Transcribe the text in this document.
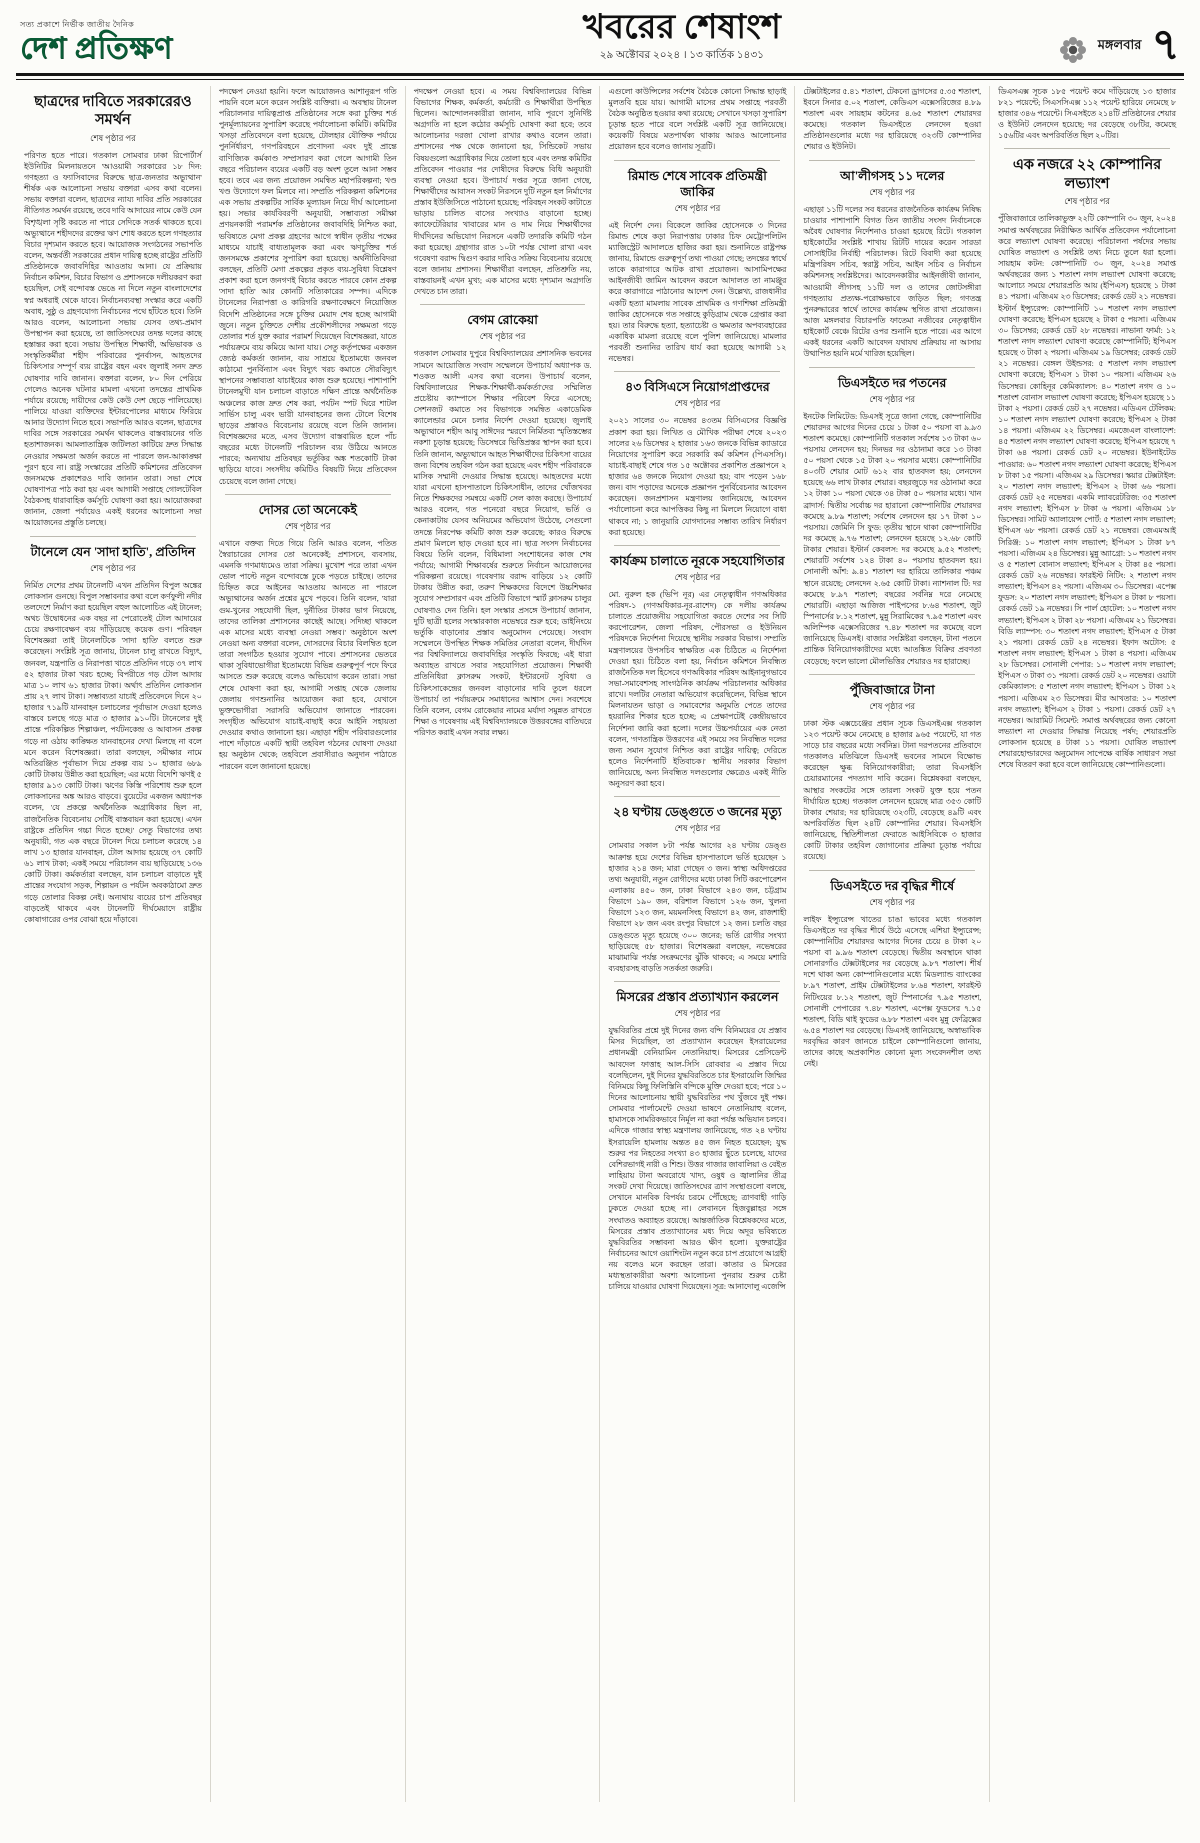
সত্য প্রকাশে নির্ভীক জাতীয় দৈনিক
দেশ প্রতিক্ষণ
খবরের শেষাংশ
২৯ অক্টোবর ২০২৪ । ১৩ কার্তিক ১৪৩১
মঙ্গলবার ৭
ছাত্রদের দাবিতে সরকারেরও সমর্থন
শেষ পৃষ্ঠার পর

পরিণত হতে পারে। গতকাল সোমবার ঢাকা রিপোর্টার্স ইউনিটির মিলনায়তনে 'আওয়ামী সরকারের ১৮ দিন: গণহত্যা ও ফ্যাসিবাদের বিরুদ্ধে ছাত্র-জনতার অভ্যুত্থান' শীর্ষক এক আলোচনা সভায় বক্তারা এসব কথা বলেন। সভায় বক্তারা বলেন, ছাত্রদের ন্যায্য দাবির প্রতি সরকারের নীতিগত সমর্থন রয়েছে, তবে দাবি আদায়ের নামে কেউ যেন বিশৃঙ্খলা সৃষ্টি করতে না পারে সেদিকে সতর্ক থাকতে হবে। অভ্যুত্থানে শহীদদের রক্তের ঋণ শোধ করতে হলে গণহত্যার বিচার দৃশ্যমান করতে হবে। আয়োজক সংগঠনের সভাপতি বলেন, অন্তর্বর্তী সরকারের প্রধান দায়িত্ব হচ্ছে রাষ্ট্রের প্রতিটি প্রতিষ্ঠানকে জবাবদিহির আওতায় আনা। যে প্রক্রিয়ায় নির্বাচন কমিশন, বিচার বিভাগ ও প্রশাসনকে দলীয়করণ করা হয়েছিল, সেই বন্দোবস্ত ভেঙে না দিলে নতুন বাংলাদেশের স্বপ্ন অধরাই থেকে যাবে। নির্বাচনব্যবস্থা সংস্কার করে একটি অবাধ, সুষ্ঠু ও গ্রহণযোগ্য নির্বাচনের পথে হাঁটতে হবে। তিনি আরও বলেন, আলোচনা সভায় যেসব তথ্য-প্রমাণ উপস্থাপন করা হয়েছে, তা জাতিসংঘের তদন্ত দলের কাছে হস্তান্তর করা হবে। সভায় উপস্থিত শিক্ষার্থী, অভিভাবক ও সংস্কৃতিকর্মীরা শহীদ পরিবারের পুনর্বাসন, আহতদের চিকিৎসার সম্পূর্ণ ব্যয় রাষ্ট্রের বহন এবং জুলাই সনদ দ্রুত ঘোষণার দাবি জানান। বক্তারা বলেন, ৮০ দিন পেরিয়ে গেলেও অনেক ঘটনার মামলা এখনো তদন্তের প্রাথমিক পর্যায়ে রয়েছে; দায়ীদের কেউ কেউ দেশ ছেড়ে পালিয়েছে। পালিয়ে যাওয়া ব্যক্তিদের ইন্টারপোলের মাধ্যমে ফিরিয়ে আনার উদ্যোগ নিতে হবে। সভাপতি আরও বলেন, ছাত্রদের দাবির সঙ্গে সরকারের সমর্থন থাকলেও বাস্তবায়নের গতি হতাশাজনক। আমলাতান্ত্রিক জটিলতা কাটিয়ে দ্রুত সিদ্ধান্ত নেওয়ার সক্ষমতা অর্জন করতে না পারলে জন-আকাঙ্ক্ষা পূরণ হবে না। রাষ্ট্র সংস্কারের প্রতিটি কমিশনের প্রতিবেদন জনসমক্ষে প্রকাশেরও দাবি জানান তারা। সভা শেষে ঘোষণাপত্র পাঠ করা হয় এবং আগামী সপ্তাহে গোলটেবিল বৈঠকসহ ধারাবাহিক কর্মসূচি ঘোষণা করা হয়। আয়োজকরা জানান, জেলা পর্যায়েও একই ধরনের আলোচনা সভা আয়োজনের প্রস্তুতি চলছে।

টানেলে যেন 'সাদা হাতি', প্রতিদিন
শেষ পৃষ্ঠার পর

নির্মিত দেশের প্রথম টানেলটি এখন প্রতিদিন বিপুল অঙ্কের লোকসান গুনছে। বিপুল সম্ভাবনার কথা বলে কর্ণফুলী নদীর তলদেশে নির্মাণ করা হয়েছিল বহুল আলোচিত এই টানেল; অথচ উদ্বোধনের এক বছর না পেরোতেই টোল আদায়ের চেয়ে রক্ষণাবেক্ষণ ব্যয় দাঁড়িয়েছে কয়েক গুণ। পরিবহন বিশেষজ্ঞরা তাই টানেলটিকে 'সাদা হাতি' বলতে শুরু করেছেন। সংশ্লিষ্ট সূত্র জানায়, টানেল চালু রাখতে বিদ্যুৎ, জনবল, যন্ত্রপাতি ও নিরাপত্তা খাতে প্রতিদিন গড়ে ৩৭ লাখ ৫২ হাজার টাকা খরচ হচ্ছে; বিপরীতে গড় টোল আদায় মাত্র ১০ লাখ ৬১ হাজার টাকা। অর্থাৎ প্রতিদিন লোকসান প্রায় ২৭ লাখ টাকা। সম্ভাব্যতা যাচাই প্রতিবেদনে দিনে ২০ হাজার ৭১৯টি যানবাহন চলাচলের পূর্বাভাস দেওয়া হলেও বাস্তবে চলছে গড়ে মাত্র ৩ হাজার ৯১০টি। টানেলের দুই প্রান্তে পরিকল্পিত শিল্পাঞ্চল, পর্যটনকেন্দ্র ও আবাসন প্রকল্প গড়ে না ওঠায় কাঙ্ক্ষিত যানবাহনের দেখা মিলছে না বলে মনে করেন বিশেষজ্ঞরা। তারা বলছেন, সমীক্ষার নামে অতিরঞ্জিত পূর্বাভাস দিয়ে প্রকল্প ব্যয় ১০ হাজার ৬৮৯ কোটি টাকায় উন্নীত করা হয়েছিল; এর মধ্যে বিদেশি ঋণই ৫ হাজার ৯১৩ কোটি টাকা। ঋণের কিস্তি পরিশোধ শুরু হলে লোকসানের অঙ্ক আরও বাড়বে। বুয়েটের একজন অধ্যাপক বলেন, 'যে প্রকল্পে অর্থনৈতিক অগ্রাধিকার ছিল না, রাজনৈতিক বিবেচনায় সেটিই বাস্তবায়ন করা হয়েছে। এখন রাষ্ট্রকে প্রতিদিন গচ্চা দিতে হচ্ছে।' সেতু বিভাগের তথ্য অনুযায়ী, গত এক বছরে টানেল দিয়ে চলাচল করেছে ১৪ লাখ ১৩ হাজার যানবাহন, টোল আদায় হয়েছে ৩৭ কোটি ৬১ লাখ টাকা; একই সময়ে পরিচালন ব্যয় ছাড়িয়েছে ১৩৬ কোটি টাকা। কর্মকর্তারা বলছেন, যান চলাচল বাড়াতে দুই প্রান্তের সংযোগ সড়ক, শিল্পায়ন ও পর্যটন অবকাঠামো দ্রুত গড়ে তোলার বিকল্প নেই। অন্যথায় ব্যয়ের চাপ প্রতিবছর বাড়তেই থাকবে এবং টানেলটি দীর্ঘমেয়াদে রাষ্ট্রীয় কোষাগারের ওপর বোঝা হয়ে দাঁড়াবে।

পদক্ষেপ নেওয়া হয়নি। ফলে আয়োজনও আশানুরূপ গতি পায়নি বলে মনে করেন সংশ্লিষ্ট ব্যক্তিরা। এ অবস্থায় টানেল পরিচালনার দায়িত্বপ্রাপ্ত প্রতিষ্ঠানের সঙ্গে করা চুক্তির শর্ত পুনর্মূল্যায়নের সুপারিশ করেছে পর্যালোচনা কমিটি। কমিটির খসড়া প্রতিবেদনে বলা হয়েছে, টোলহার যৌক্তিক পর্যায়ে পুনর্নির্ধারণ, গণপরিবহনে প্রণোদনা এবং দুই প্রান্তে বাণিজ্যিক কর্মকাণ্ড সম্প্রসারণ করা গেলে আগামী তিন বছরে পরিচালন ব্যয়ের একটি বড় অংশ তুলে আনা সম্ভব হবে। তবে এর জন্য প্রয়োজন সমন্বিত মহাপরিকল্পনা; খণ্ড খণ্ড উদ্যোগে ফল মিলবে না। সম্প্রতি পরিকল্পনা কমিশনের এক সভায় প্রকল্পটির সার্বিক মূল্যায়ন নিয়ে দীর্ঘ আলোচনা হয়। সভার কার্যবিবরণী অনুযায়ী, সম্ভাব্যতা সমীক্ষা প্রণয়নকারী পরামর্শক প্রতিষ্ঠানের জবাবদিহি নিশ্চিত করা, ভবিষ্যতে মেগা প্রকল্প গ্রহণের আগে স্বাধীন তৃতীয় পক্ষের মাধ্যমে যাচাই বাধ্যতামূলক করা এবং ঋণচুক্তির শর্ত জনসমক্ষে প্রকাশের সুপারিশ করা হয়েছে। অর্থনীতিবিদরা বলছেন, প্রতিটি মেগা প্রকল্পের প্রকৃত ব্যয়-সুবিধা বিশ্লেষণ প্রকাশ করা হলে জনগণই বিচার করতে পারবে কোন প্রকল্প 'সাদা হাতি' আর কোনটি সত্যিকারের সম্পদ। এদিকে টানেলের নিরাপত্তা ও কারিগরি রক্ষণাবেক্ষণে নিয়োজিত বিদেশি প্রতিষ্ঠানের সঙ্গে চুক্তির মেয়াদ শেষ হচ্ছে আগামী জুনে। নতুন চুক্তিতে দেশীয় প্রকৌশলীদের সক্ষমতা গড়ে তোলার শর্ত যুক্ত করার পরামর্শ দিয়েছেন বিশেষজ্ঞরা, যাতে পর্যায়ক্রমে ব্যয় কমিয়ে আনা যায়। সেতু কর্তৃপক্ষের একজন জ্যেষ্ঠ কর্মকর্তা জানান, ব্যয় সাশ্রয়ে ইতোমধ্যে জনবল কাঠামো পুনর্বিন্যাস এবং বিদ্যুৎ খরচ কমাতে সৌরবিদ্যুৎ স্থাপনের সম্ভাব্যতা যাচাইয়ের কাজ শুরু হয়েছে। পাশাপাশি টানেলমুখী যান চলাচল বাড়াতে দক্ষিণ প্রান্তে অর্থনৈতিক অঞ্চলের কাজ দ্রুত শেষ করা, পর্যটন স্পট ঘিরে শাটল সার্ভিস চালু এবং ভারী যানবাহনের জন্য টোলে বিশেষ ছাড়ের প্রস্তাবও বিবেচনায় রয়েছে বলে তিনি জানান। বিশেষজ্ঞদের মতে, এসব উদ্যোগ বাস্তবায়িত হলে পাঁচ বছরের মধ্যে টানেলটি পরিচালন ব্যয় উঠিয়ে আনতে পারবে; অন্যথায় প্রতিবছর ভর্তুকির অঙ্ক শতকোটি টাকা ছাড়িয়ে যাবে। সংসদীয় কমিটিও বিষয়টি নিয়ে প্রতিবেদন চেয়েছে বলে জানা গেছে।

দোসর তো অনেকেই
শেষ পৃষ্ঠার পর

এখানে বক্তব্য দিতে গিয়ে তিনি আরও বলেন, পতিত স্বৈরাচারের দোসর তো অনেকেই; প্রশাসনে, ব্যবসায়, এমনকি গণমাধ্যমেও তারা সক্রিয়। মুখোশ পরে তারা এখন ভোল পাল্টে নতুন বন্দোবস্তে ঢুকে পড়তে চাইছে। তাদের চিহ্নিত করে আইনের আওতায় আনতে না পারলে অভ্যুত্থানের অর্জন প্রশ্নের মুখে পড়বে। তিনি বলেন, 'যারা গুম-খুনের সহযোগী ছিল, দুর্নীতির টাকার ভাগ নিয়েছে, তাদের তালিকা প্রশাসনের কাছেই আছে। সদিচ্ছা থাকলে এক মাসের মধ্যে ব্যবস্থা নেওয়া সম্ভব।' অনুষ্ঠানে অংশ নেওয়া অন্য বক্তারা বলেন, দোসরদের বিচার বিলম্বিত হলে তারা সংগঠিত হওয়ার সুযোগ পাবে। প্রশাসনের ভেতরে থাকা সুবিধাভোগীরা ইতোমধ্যে বিভিন্ন গুরুত্বপূর্ণ পদে ফিরে আসতে শুরু করেছে বলেও অভিযোগ করেন তারা। সভা শেষে ঘোষণা করা হয়, আগামী সপ্তাহ থেকে জেলায় জেলায় গণশুনানির আয়োজন করা হবে, যেখানে ভুক্তভোগীরা সরাসরি অভিযোগ জানাতে পারবেন। সংগৃহীত অভিযোগ যাচাই-বাছাই করে আইনি সহায়তা দেওয়ার কথাও জানানো হয়। এছাড়া শহীদ পরিবারগুলোর পাশে দাঁড়াতে একটি স্থায়ী তহবিল গঠনের ঘোষণা দেওয়া হয় অনুষ্ঠান থেকে; তহবিলে প্রবাসীরাও অনুদান পাঠাতে পারবেন বলে জানানো হয়েছে।

পদক্ষেপ নেওয়া হবে। এ সময় বিশ্ববিদ্যালয়ের বিভিন্ন বিভাগের শিক্ষক, কর্মকর্তা, কর্মচারী ও শিক্ষার্থীরা উপস্থিত ছিলেন। আন্দোলনকারীরা জানান, দাবি পূরণে সুনির্দিষ্ট অগ্রগতি না হলে কঠোর কর্মসূচি ঘোষণা করা হবে; তবে আলোচনার দরজা খোলা রাখার কথাও বলেন তারা। প্রশাসনের পক্ষ থেকে জানানো হয়, সিন্ডিকেট সভায় বিষয়গুলো অগ্রাধিকার দিয়ে তোলা হবে এবং তদন্ত কমিটির প্রতিবেদন পাওয়ার পর দোষীদের বিরুদ্ধে বিধি অনুযায়ী ব্যবস্থা নেওয়া হবে। উপাচার্য দপ্তর সূত্রে জানা গেছে, শিক্ষার্থীদের আবাসন সংকট নিরসনে দুটি নতুন হল নির্মাণের প্রস্তাব ইউজিসিতে পাঠানো হয়েছে; পরিবহন সংকট কাটাতে ভাড়ায় চালিত বাসের সংখ্যাও বাড়ানো হচ্ছে। ক্যাফেটেরিয়ার খাবারের মান ও দাম নিয়ে শিক্ষার্থীদের দীর্ঘদিনের অভিযোগ নিরসনে একটি তদারকি কমিটি গঠন করা হয়েছে। গ্রন্থাগার রাত ১০টা পর্যন্ত খোলা রাখা এবং গবেষণা বরাদ্দ দ্বিগুণ করার দাবিও সক্রিয় বিবেচনায় রয়েছে বলে জানায় প্রশাসন। শিক্ষার্থীরা বলছেন, প্রতিশ্রুতি নয়, বাস্তবায়নই এখন মুখ্য; এক মাসের মধ্যে দৃশ্যমান অগ্রগতি দেখতে চান তারা।

বেগম রোকেয়া
শেষ পৃষ্ঠার পর

গতকাল সোমবার দুপুরে বিশ্ববিদ্যালয়ের প্রশাসনিক ভবনের সামনে আয়োজিত সংবাদ সম্মেলনে উপাচার্য অধ্যাপক ড. শওকত আলী এসব কথা বলেন। উপাচার্য বলেন, বিশ্ববিদ্যালয়ের শিক্ষক-'শিক্ষার্থী-কর্মকর্তা'দের সম্মিলিত প্রচেষ্টায় ক্যাম্পাসে শিক্ষার পরিবেশ ফিরে এসেছে; সেশনজট কমাতে সব বিভাগকে সমন্বিত একাডেমিক ক্যালেন্ডার মেনে চলার নির্দেশ দেওয়া হয়েছে। জুলাই অভ্যুত্থানে শহীদ আবু সাঈদের স্মরণে নির্মিতব্য স্মৃতিস্তম্ভের নকশা চূড়ান্ত হয়েছে; ডিসেম্বরে ভিত্তিপ্রস্তর স্থাপন করা হবে। তিনি জানান, অভ্যুত্থানে আহত শিক্ষার্থীদের চিকিৎসা ব্যয়ের জন্য বিশেষ তহবিল গঠন করা হয়েছে এবং শহীদ পরিবারকে মাসিক সম্মানী দেওয়ার সিদ্ধান্ত হয়েছে। আহতদের মধ্যে যারা এখনো হাসপাতালে চিকিৎসাধীন, তাদের খোঁজখবর নিতে শিক্ষকদের সমন্বয়ে একটি সেল কাজ করছে। উপাচার্য আরও বলেন, গত পনেরো বছরে নিয়োগ, ভর্তি ও কেনাকাটায় যেসব অনিয়মের অভিযোগ উঠেছে, সেগুলো তদন্তে নিরপেক্ষ কমিটি কাজ শুরু করেছে; কারও বিরুদ্ধে প্রমাণ মিললে ছাড় দেওয়া হবে না। ছাত্র সংসদ নির্বাচনের বিষয়ে তিনি বলেন, বিধিমালা সংশোধনের কাজ শেষ পর্যায়ে; আগামী শিক্ষাবর্ষের শুরুতে নির্বাচন আয়োজনের পরিকল্পনা রয়েছে। গবেষণায় বরাদ্দ বাড়িয়ে ১২ কোটি টাকায় উন্নীত করা, তরুণ শিক্ষকদের বিদেশে উচ্চশিক্ষার সুযোগ সম্প্রসারণ এবং প্রতিটি বিভাগে স্মার্ট ক্লাসরুম চালুর ঘোষণাও দেন তিনি। হল সংস্কার প্রসঙ্গে উপাচার্য জানান, দুটি ছাত্রী হলের সংস্কারকাজ নভেম্বরে শুরু হবে; ডাইনিংয়ে ভর্তুকি বাড়ানোর প্রস্তাব অনুমোদন পেয়েছে। সংবাদ সম্মেলনে উপস্থিত শিক্ষক সমিতির নেতারা বলেন, দীর্ঘদিন পর বিশ্ববিদ্যালয়ে জবাবদিহির সংস্কৃতি ফিরছে; এই ধারা অব্যাহত রাখতে সবার সহযোগিতা প্রয়োজন। শিক্ষার্থী প্রতিনিধিরা ক্লাসরুম সংকট, ইন্টারনেট সুবিধা ও চিকিৎসাকেন্দ্রের জনবল বাড়ানোর দাবি তুলে ধরলে উপাচার্য তা পর্যায়ক্রমে সমাধানের আশ্বাস দেন। সবশেষে তিনি বলেন, বেগম রোকেয়ার নামের মর্যাদা সমুন্নত রাখতে শিক্ষা ও গবেষণায় এই বিশ্ববিদ্যালয়কে উত্তরবঙ্গের বাতিঘরে পরিণত করাই এখন সবার লক্ষ্য।

এগুলো কাউন্সিলের সর্বশেষ বৈঠকে কোনো সিদ্ধান্ত ছাড়াই মুলতবি হয়ে যায়। আগামী মাসের প্রথম সপ্তাহে পরবর্তী বৈঠক অনুষ্ঠিত হওয়ার কথা রয়েছে; সেখানে খসড়া সুপারিশ চূড়ান্ত হতে পারে বলে সংশ্লিষ্ট একটি সূত্র জানিয়েছে। কয়েকটি বিষয়ে মতপার্থক্য থাকায় আরও আলোচনার প্রয়োজন হবে বলেও জানায় সূত্রটি।

রিমান্ড শেষে সাবেক প্রতিমন্ত্রী জাকির
শেষ পৃষ্ঠার পর

এই নির্দেশ দেন। বিকেলে জাকির হোসেনকে ৩ দিনের রিমান্ড শেষে কড়া নিরাপত্তায় ঢাকার চিফ মেট্রোপলিটন ম্যাজিস্ট্রেট আদালতে হাজির করা হয়। শুনানিতে রাষ্ট্রপক্ষ জানায়, রিমান্ডে গুরুত্বপূর্ণ তথ্য পাওয়া গেছে; তদন্তের স্বার্থে তাকে কারাগারে আটক রাখা প্রয়োজন। আসামিপক্ষের আইনজীবী জামিন আবেদন করলে আদালত তা নামঞ্জুর করে কারাগারে পাঠানোর আদেশ দেন। উল্লেখ্য, রাজধানীর একটি হত্যা মামলায় সাবেক প্রাথমিক ও গণশিক্ষা প্রতিমন্ত্রী জাকির হোসেনকে গত সপ্তাহে কুড়িগ্রাম থেকে গ্রেপ্তার করা হয়। তার বিরুদ্ধে হত্যা, হত্যাচেষ্টা ও ক্ষমতার অপব্যবহারের একাধিক মামলা রয়েছে বলে পুলিশ জানিয়েছে। মামলার পরবর্তী শুনানির তারিখ ধার্য করা হয়েছে আগামী ১২ নভেম্বর।

৪৩ বিসিএসে নিয়োগপ্রাপ্তদের
শেষ পৃষ্ঠার পর

২০২১ সালের ৩০ নভেম্বর ৪৩তম বিসিএসের বিজ্ঞপ্তি প্রকাশ করা হয়। লিখিত ও মৌখিক পরীক্ষা শেষে ২০২৩ সালের ২৬ ডিসেম্বর ২ হাজার ১৬৩ জনকে বিভিন্ন ক্যাডারে নিয়োগের সুপারিশ করে সরকারি কর্ম কমিশন (পিএসসি)। যাচাই-বাছাই শেষে গত ১৫ অক্টোবর প্রকাশিত প্রজ্ঞাপনে ২ হাজার ৬৪ জনকে নিয়োগ দেওয়া হয়; বাদ পড়েন ১৬৮ জন। বাদ পড়াদের অনেকে প্রজ্ঞাপন পুনর্বিবেচনার আবেদন করেছেন। জনপ্রশাসন মন্ত্রণালয় জানিয়েছে, আবেদন পর্যালোচনা করে আপত্তিকর কিছু না মিললে নিয়োগে বাধা থাকবে না; ১ জানুয়ারি যোগদানের সম্ভাব্য তারিখ নির্ধারণ করা হয়েছে।

কার্যক্রম চালাতে নূরকে সহযোগিতার
শেষ পৃষ্ঠার পর

মো. নুরুল হক (ভিপি নূর) এর নেতৃত্বাধীন গণঅধিকার পরিষদ-১ (গণঅধিকার-নূর-রাশেদ) কে দলীয় কার্যক্রম চালাতে প্রয়োজনীয় সহযোগিতা করতে দেশের সব সিটি করপোরেশন, জেলা পরিষদ, পৌরসভা ও ইউনিয়ন পরিষদকে নির্দেশনা দিয়েছে স্থানীয় সরকার বিভাগ। সম্প্রতি মন্ত্রণালয়ের উপসচিব স্বাক্ষরিত এক চিঠিতে এ নির্দেশনা দেওয়া হয়। চিঠিতে বলা হয়, নির্বাচন কমিশনে নিবন্ধিত রাজনৈতিক দল হিসেবে গণঅধিকার পরিষদ আইনানুগভাবে সভা-সমাবেশসহ সাংগঠনিক কার্যক্রম পরিচালনার অধিকার রাখে। দলটির নেতারা অভিযোগ করেছিলেন, বিভিন্ন স্থানে মিলনায়তন ভাড়া ও সমাবেশের অনুমতি পেতে তাদের হয়রানির শিকার হতে হচ্ছে; এ প্রেক্ষাপটেই কেন্দ্রীয়ভাবে নির্দেশনা জারি করা হলো। দলের উচ্চপর্যায়ের এক নেতা বলেন, 'গণতান্ত্রিক উত্তরণের এই সময়ে সব নিবন্ধিত দলের জন্য সমান সুযোগ নিশ্চিত করা রাষ্ট্রের দায়িত্ব; দেরিতে হলেও নির্দেশনাটি ইতিবাচক।' স্থানীয় সরকার বিভাগ জানিয়েছে, অন্য নিবন্ধিত দলগুলোর ক্ষেত্রেও একই নীতি অনুসরণ করা হবে।

২৪ ঘণ্টায় ডেঙ্গুতে ৩ জনের মৃত্যু
শেষ পৃষ্ঠার পর

সোমবার সকাল ৮টা পর্যন্ত আগের ২৪ ঘণ্টায় ডেঙ্গু আক্রান্ত হয়ে দেশের বিভিন্ন হাসপাতালে ভর্তি হয়েছেন ১ হাজার ২১৪ জন; মারা গেছেন ৩ জন। স্বাস্থ্য অধিদপ্তরের তথ্য অনুযায়ী, নতুন রোগীদের মধ্যে ঢাকা সিটি করপোরেশন এলাকায় ৪৫০ জন, ঢাকা বিভাগে ২৪৩ জন, চট্টগ্রাম বিভাগে ১৯০ জন, বরিশাল বিভাগে ১২৬ জন, খুলনা বিভাগে ১২৩ জন, ময়মনসিংহ বিভাগে ৪২ জন, রাজশাহী বিভাগে ২৮ জন এবং রংপুর বিভাগে ১২ জন। চলতি বছর ডেঙ্গুতে মৃত্যু হয়েছে ৩০০ জনের; ভর্তি রোগীর সংখ্যা ছাড়িয়েছে ৫৮ হাজার। বিশেষজ্ঞরা বলছেন, নভেম্বরের মাঝামাঝি পর্যন্ত সংক্রমণের ঝুঁকি থাকবে; এ সময়ে মশারি ব্যবহারসহ বাড়তি সতর্কতা জরুরি।

মিসরের প্রস্তাব প্রত্যাখ্যান করলেন
শেষ পৃষ্ঠার পর

যুদ্ধবিরতির প্রশ্নে দুই দিনের জন্য বন্দি বিনিময়ের যে প্রস্তাব মিসর দিয়েছিল, তা প্রত্যাখ্যান করেছেন ইসরায়েলের প্রধানমন্ত্রী বেনিয়ামিন নেতানিয়াহু। মিসরের প্রেসিডেন্ট আবদেল ফাত্তাহ আল-সিসি রোববার এ প্রস্তাব দিয়ে বলেছিলেন, দুই দিনের যুদ্ধবিরতিতে চার ইসরায়েলি জিম্মির বিনিময়ে কিছু ফিলিস্তিনি বন্দিকে মুক্তি দেওয়া হবে; পরে ১০ দিনের আলোচনায় স্থায়ী যুদ্ধবিরতির পথ খুঁজবে দুই পক্ষ। সোমবার পার্লামেন্টে দেওয়া ভাষণে নেতানিয়াহু বলেন, হামাসকে সামরিকভাবে নির্মূল না করা পর্যন্ত অভিযান চলবে। এদিকে গাজার স্বাস্থ্য মন্ত্রণালয় জানিয়েছে, গত ২৪ ঘণ্টায় ইসরায়েলি হামলায় অন্তত ৪৫ জন নিহত হয়েছেন; যুদ্ধ শুরুর পর নিহতের সংখ্যা ৪৩ হাজার ছুঁতে চলেছে, যাদের বেশিরভাগই নারী ও শিশু। উত্তর গাজার জাবালিয়া ও বেইত লাহিয়ায় টানা অবরোধে খাদ্য, ওষুধ ও জ্বালানির তীব্র সংকট দেখা দিয়েছে। জাতিসংঘের ত্রাণ সংস্থাগুলো বলছে, সেখানে মানবিক বিপর্যয় চরমে পৌঁছেছে; ত্রাণবাহী গাড়ি ঢুকতে দেওয়া হচ্ছে না। লেবাননে হিজবুল্লাহর সঙ্গে সংঘাতও অব্যাহত রয়েছে। আন্তর্জাতিক বিশ্লেষকদের মতে, মিসরের প্রস্তাব প্রত্যাখ্যানের মধ্য দিয়ে অদূর ভবিষ্যতে যুদ্ধবিরতির সম্ভাবনা আরও ক্ষীণ হলো। যুক্তরাষ্ট্রের নির্বাচনের আগে ওয়াশিংটন নতুন করে চাপ প্রয়োগে আগ্রহী নয় বলেও মনে করছেন তারা। কাতার ও মিসরের মধ্যস্থতাকারীরা অবশ্য আলোচনা পুনরায় শুরুর চেষ্টা চালিয়ে যাওয়ার ঘোষণা দিয়েছেন। সূত্র: আনাদোলু এজেন্সি

টেক্সটাইলের ৫.৪১ শতাংশ, টেকনো ড্রাগসের ৫.৩৫ শতাংশ, ইবনে সিনার ৫.০২ শতাংশ, কেডিএস এক্সেসরিজের ৪.৮৯ শতাংশ এবং সায়হাম কটনের ৪.৬৫ শতাংশ শেয়ারদর কমেছে। গতকাল ডিএসইতে লেনদেন হওয়া প্রতিষ্ঠানগুলোর মধ্যে দর হারিয়েছে ৩২৩টি কোম্পানির শেয়ার ও ইউনিট।

আ'লীগসহ ১১ দলের
শেষ পৃষ্ঠার পর

এছাড়া ১১টি দলের সব ধরনের রাজনৈতিক কার্যক্রম নিষিদ্ধ চাওয়ার পাশাপাশি বিগত তিন জাতীয় সংসদ নির্বাচনকে অবৈধ ঘোষণার নির্দেশনাও চাওয়া হয়েছে রিটে। গতকাল হাইকোর্টের সংশ্লিষ্ট শাখায় রিটটি দায়ের করেন সারডা সোসাইটির নির্বাহী পরিচালক। রিটে বিবাদী করা হয়েছে মন্ত্রিপরিষদ সচিব, স্বরাষ্ট্র সচিব, আইন সচিব ও নির্বাচন কমিশনসহ সংশ্লিষ্টদের। আবেদনকারীর আইনজীবী জানান, আওয়ামী লীগসহ ১১টি দল ও তাদের জোটসঙ্গীরা গণহত্যায় প্রত্যক্ষ-পরোক্ষভাবে জড়িত ছিল; গণতন্ত্র পুনরুদ্ধারের স্বার্থে তাদের কার্যক্রম স্থগিত রাখা প্রয়োজন। আজ মঙ্গলবার বিচারপতি ফাতেমা নজীবের নেতৃত্বাধীন হাইকোর্ট বেঞ্চে রিটের ওপর শুনানি হতে পারে। এর আগে একই ধরনের একটি আবেদন যথাযথ প্রক্রিয়ায় না আসায় উত্থাপিত হয়নি মর্মে খারিজ হয়েছিল।

ডিএসইতে দর পতনের
শেষ পৃষ্ঠার পর

ইনটেক লিমিটেড: ডিএসই সূত্রে জানা গেছে, কোম্পানিটির শেয়ারদর আগের দিনের চেয়ে ১ টাকা ৫০ পয়সা বা ৯.৯৩ শতাংশ কমেছে। কোম্পানিটি গতকাল সর্বশেষ ১৩ টাকা ৬০ পয়সায় লেনদেন হয়; দিনভর দর ওঠানামা করে ১৩ টাকা ৫০ পয়সা থেকে ১৫ টাকা ২০ পয়সার মধ্যে। কোম্পানিটির ৪০৩টি শেয়ার মোট ৬১২ বার হাতবদল হয়; লেনদেন হয়েছে ৬৬ লাখ টাকার শেয়ার। বছরজুড়ে দর ওঠানামা করে ১২ টাকা ১০ পয়সা থেকে ৩৪ টাকা ৫০ পয়সার মধ্যে। খান ব্রাদার্স: দ্বিতীয় সর্বোচ্চ দর হারানো কোম্পানিটির শেয়ারদর কমেছে ৯.৮৯ শতাংশ; সর্বশেষ লেনদেন হয় ১৭ টাকা ১০ পয়সায়। জেমিনি সি ফুড: তৃতীয় স্থানে থাকা কোম্পানিটির দর কমেছে ৯.৭৬ শতাংশ; লেনদেন হয়েছে ১২.৬৮ কোটি টাকার শেয়ার। ইস্টার্ন কেবলস: দর কমেছে ৯.৫২ শতাংশ; শেয়ারটি সর্বশেষ ১২৪ টাকা ৪০ পয়সায় হাতবদল হয়। সোনালী আঁশ: ৯.৪১ শতাংশ দর হারিয়ে তালিকার পঞ্চম স্থানে রয়েছে; লেনদেন ২.৬৫ কোটি টাকা। ন্যাশনাল টি: দর কমেছে ৮.৯৭ শতাংশ; বছরের সর্বনিম্ন দরে নেমেছে শেয়ারটি। এছাড়া আজিজ পাইপসের ৮.৬৪ শতাংশ, জুট স্পিনার্সের ৮.১২ শতাংশ, মুন্নু সিরামিকের ৭.৯৫ শতাংশ এবং অলিম্পিক এক্সেসরিজের ৭.৪৮ শতাংশ দর কমেছে বলে জানিয়েছে ডিএসই। বাজার সংশ্লিষ্টরা বলছেন, টানা পতনে প্রান্তিক বিনিয়োগকারীদের মধ্যে আতঙ্কিত বিক্রির প্রবণতা বেড়েছে; ফলে ভালো মৌলভিত্তির শেয়ারও দর হারাচ্ছে।

পুঁজিবাজারে টানা
শেষ পৃষ্ঠার পর

ঢাকা স্টক এক্সচেঞ্জের প্রধান সূচক ডিএসইএক্স গতকাল ১২৩ পয়েন্ট কমে নেমেছে ৪ হাজার ৯৬৫ পয়েন্টে, যা গত সাড়ে চার বছরের মধ্যে সর্বনিম্ন। টানা দরপতনের প্রতিবাদে গতকালও মতিঝিলে ডিএসই ভবনের সামনে বিক্ষোভ করেছেন ক্ষুব্ধ বিনিয়োগকারীরা; তারা বিএসইসি চেয়ারম্যানের পদত্যাগ দাবি করেন। বিশ্লেষকরা বলছেন, আস্থার সংকটের সঙ্গে তারল্য সংকট যুক্ত হয়ে পতন দীর্ঘায়িত হচ্ছে। গতকাল লেনদেন হয়েছে মাত্র ৩৫৩ কোটি টাকার শেয়ার; দর হারিয়েছে ৩২৩টি, বেড়েছে ৪৯টি এবং অপরিবর্তিত ছিল ২৪টি কোম্পানির শেয়ার। বিএসইসি জানিয়েছে, স্থিতিশীলতা ফেরাতে আইসিবিকে ৩ হাজার কোটি টাকার তহবিল জোগানোর প্রক্রিয়া চূড়ান্ত পর্যায়ে রয়েছে।

ডিএসইতে দর বৃদ্ধির শীর্ষে
শেষ পৃষ্ঠার পর

লাইফ ইন্স্যুরেন্স খাতের চাঙা ভাবের মধ্যে গতকাল ডিএসইতে দর বৃদ্ধির শীর্ষে উঠে এসেছে এশিয়া ইন্স্যুরেন্স; কোম্পানিটির শেয়ারদর আগের দিনের চেয়ে ৪ টাকা ২০ পয়সা বা ৯.৯৬ শতাংশ বেড়েছে। দ্বিতীয় অবস্থানে থাকা সোনারগাঁও টেক্সটাইলের দর বেড়েছে ৯.৮৭ শতাংশ। শীর্ষ দশে থাকা অন্য কোম্পানিগুলোর মধ্যে মিডল্যান্ড ব্যাংকের ৮.৯৭ শতাংশ, প্রাইম টেক্সটাইলের ৮.৬৪ শতাংশ, ফারইস্ট নিটিংয়ের ৮.১২ শতাংশ, জুট স্পিনার্সের ৭.৯৫ শতাংশ, সোনালী পেপারের ৭.৪৮ শতাংশ, এপেক্স ফুডসের ৭.১৫ শতাংশ, বিডি থাই ফুডের ৬.৮৮ শতাংশ এবং মুন্নু ফেব্রিক্সের ৬.৫৪ শতাংশ দর বেড়েছে। ডিএসই জানিয়েছে, অস্বাভাবিক দরবৃদ্ধির কারণ জানতে চাইলে কোম্পানিগুলো জানায়, তাদের কাছে অপ্রকাশিত কোনো মূল্য সংবেদনশীল তথ্য নেই।

ডিএসএক্স সূচক ১৮৫ পয়েন্ট কমে দাঁড়িয়েছে ১৩ হাজার ৮২১ পয়েন্টে; সিএসসিএক্স ১১২ পয়েন্ট হারিয়ে নেমেছে ৮ হাজার ৩৪৬ পয়েন্টে। সিএসইতে ২১৪টি প্রতিষ্ঠানের শেয়ার ও ইউনিট লেনদেন হয়েছে; দর বেড়েছে ৩৮টির, কমেছে ১৫৬টির এবং অপরিবর্তিত ছিল ২০টির।

এক নজরে ২২ কোম্পানির লভ্যাংশ
শেষ পৃষ্ঠার পর

পুঁজিবাজারে তালিকাভুক্ত ২২টি কোম্পানি ৩০ জুন, ২০২৪ সমাপ্ত অর্থবছরের নিরীক্ষিত আর্থিক প্রতিবেদন পর্যালোচনা করে লভ্যাংশ ঘোষণা করেছে। পরিচালনা পর্ষদের সভায় ঘোষিত লভ্যাংশ ও সংশ্লিষ্ট তথ্য নিচে তুলে ধরা হলো। সায়হাম কটন: কোম্পানিটি ৩০ জুন, ২০২৪ সমাপ্ত অর্থবছরের জন্য ১ শতাংশ নগদ লভ্যাংশ ঘোষণা করেছে; আলোচ্য সময়ে শেয়ারপ্রতি আয় (ইপিএস) হয়েছে ১ টাকা ৪১ পয়সা। এজিএম ২৩ ডিসেম্বর; রেকর্ড ডেট ২১ নভেম্বর। ইস্টার্ন ইন্স্যুরেন্স: কোম্পানিটি ১০ শতাংশ নগদ লভ্যাংশ ঘোষণা করেছে; ইপিএস হয়েছে ২ টাকা ৫ পয়সা। এজিএম ৩০ ডিসেম্বর; রেকর্ড ডেট ২৮ নভেম্বর। নাভানা ফার্মা: ১২ শতাংশ নগদ লভ্যাংশ ঘোষণা করেছে কোম্পানিটি; ইপিএস হয়েছে ৩ টাকা ২ পয়সা। এজিএম ১৯ ডিসেম্বর; রেকর্ড ডেট ২১ নভেম্বর। বেঙ্গল উইন্ডসর: ৫ শতাংশ নগদ লভ্যাংশ ঘোষণা করেছে; ইপিএস ১ টাকা ১০ পয়সা। এজিএম ২৬ ডিসেম্বর। কোহিনূর কেমিক্যালস: ৪০ শতাংশ নগদ ও ১০ শতাংশ বোনাস লভ্যাংশ ঘোষণা করেছে; ইপিএস হয়েছে ১১ টাকা ২ পয়সা। রেকর্ড ডেট ২৭ নভেম্বর। এডিএন টেলিকম: ১০ শতাংশ নগদ লভ্যাংশ ঘোষণা করেছে; ইপিএস ২ টাকা ১৪ পয়সা। এজিএম ২২ ডিসেম্বর। এমজেএল বাংলাদেশ: ৪৫ শতাংশ নগদ লভ্যাংশ ঘোষণা করেছে; ইপিএস হয়েছে ৭ টাকা ৬৪ পয়সা। রেকর্ড ডেট ২০ নভেম্বর। ইউনাইটেড পাওয়ার: ৬০ শতাংশ নগদ লভ্যাংশ ঘোষণা করেছে; ইপিএস ৮ টাকা ১৫ পয়সা। এজিএম ২৯ ডিসেম্বর। স্কয়ার টেক্সটাইল: ২০ শতাংশ নগদ লভ্যাংশ; ইপিএস ২ টাকা ৬৬ পয়সা। রেকর্ড ডেট ২৫ নভেম্বর। একমি ল্যাবরেটরিজ: ৩৫ শতাংশ নগদ লভ্যাংশ; ইপিএস ৮ টাকা ৬ পয়সা। এজিএম ১৮ ডিসেম্বর। সামিট অ্যালায়েন্স পোর্ট: ৫ শতাংশ নগদ লভ্যাংশ; ইপিএস ৬৮ পয়সা। রেকর্ড ডেট ২১ নভেম্বর। জেএমআই সিরিঞ্জ: ১০ শতাংশ নগদ লভ্যাংশ; ইপিএস ১ টাকা ৮৭ পয়সা। এজিএম ২৪ ডিসেম্বর। মুন্নু অ্যাগ্রো: ১০ শতাংশ নগদ ও ৫ শতাংশ বোনাস লভ্যাংশ; ইপিএস ২ টাকা ৪৫ পয়সা। রেকর্ড ডেট ২৬ নভেম্বর। ফারইস্ট নিটিং: ২ শতাংশ নগদ লভ্যাংশ; ইপিএস ৪২ পয়সা। এজিএম ৩০ ডিসেম্বর। এপেক্স ফুডস: ২০ শতাংশ নগদ লভ্যাংশ; ইপিএস ৪ টাকা ৮ পয়সা। রেকর্ড ডেট ১৯ নভেম্বর। সি পার্ল হোটেল: ১০ শতাংশ নগদ লভ্যাংশ; ইপিএস ২ টাকা ২৮ পয়সা। এজিএম ২১ ডিসেম্বর। বিডি ল্যাম্পস: ৩০ শতাংশ নগদ লভ্যাংশ; ইপিএস ৫ টাকা ২১ পয়সা। রেকর্ড ডেট ২৪ নভেম্বর। ইফাদ অটোস: ৫ শতাংশ নগদ লভ্যাংশ; ইপিএস ১ টাকা ৪ পয়সা। এজিএম ২৮ ডিসেম্বর। সোনালী পেপার: ১০ শতাংশ নগদ লভ্যাংশ; ইপিএস ৩ টাকা ৩১ পয়সা। রেকর্ড ডেট ২০ নভেম্বর। ওয়াটা কেমিক্যালস: ৫ শতাংশ নগদ লভ্যাংশ; ইপিএস ১ টাকা ১২ পয়সা। এজিএম ২৩ ডিসেম্বর। মীর আখতার: ১০ শতাংশ নগদ লভ্যাংশ; ইপিএস ২ টাকা ১ পয়সা। রেকর্ড ডেট ২৭ নভেম্বর। আরামিট সিমেন্ট: সমাপ্ত অর্থবছরের জন্য কোনো লভ্যাংশ না দেওয়ার সিদ্ধান্ত নিয়েছে পর্ষদ; শেয়ারপ্রতি লোকসান হয়েছে ৪ টাকা ১১ পয়সা। ঘোষিত লভ্যাংশ শেয়ারহোল্ডারদের অনুমোদন সাপেক্ষে বার্ষিক সাধারণ সভা শেষে বিতরণ করা হবে বলে জানিয়েছে কোম্পানিগুলো।
